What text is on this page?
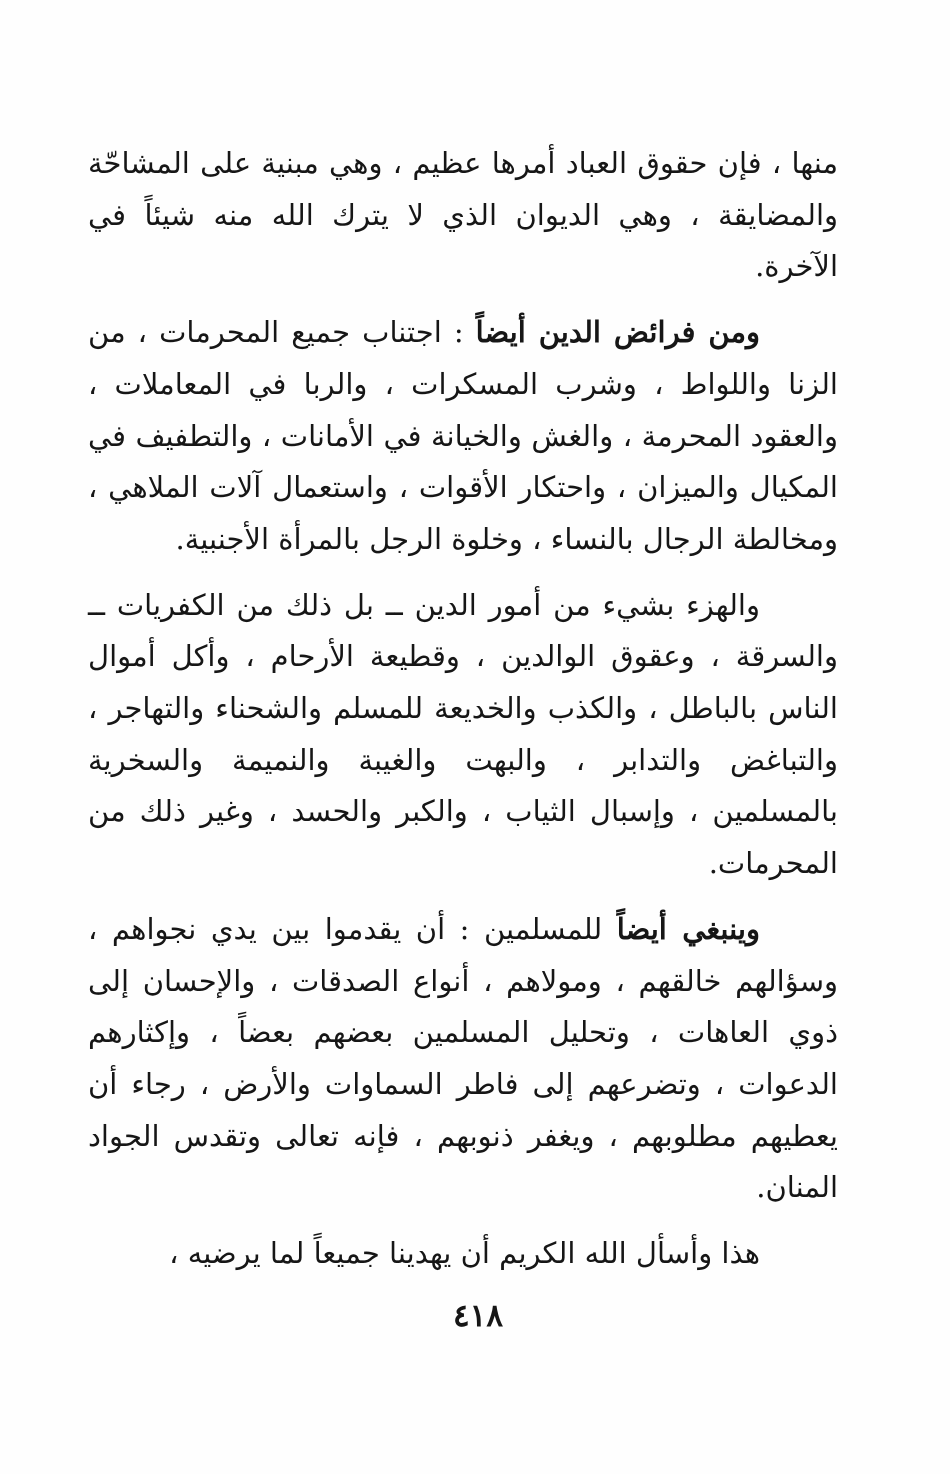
منها ، فإن حقوق العباد أمرها عظيم ، وهي مبنية على المشاحّة والمضايقة ، وهي الديوان الذي لا يترك الله منه شيئاً في الآخرة.

ومن فرائض الدين أيضاً : اجتناب جميع المحرمات ، من الزنا واللواط ، وشرب المسكرات ، والربا في المعاملات ، والعقود المحرمة ، والغش والخيانة في الأمانات ، والتطفيف في المكيال والميزان ، واحتكار الأقوات ، واستعمال آلات الملاهي ، ومخالطة الرجال بالنساء ، وخلوة الرجل بالمرأة الأجنبية.

والهزء بشيء من أمور الدين ــ بل ذلك من الكفريات ــ والسرقة ، وعقوق الوالدين ، وقطيعة الأرحام ، وأكل أموال الناس بالباطل ، والكذب والخديعة للمسلم والشحناء والتهاجر ، والتباغض والتدابر ، والبهت والغيبة والنميمة والسخرية بالمسلمين ، وإسبال الثياب ، والكبر والحسد ، وغير ذلك من المحرمات.

وينبغي أيضاً للمسلمين : أن يقدموا بين يدي نجواهم ، وسؤالهم خالقهم ، ومولاهم ، أنواع الصدقات ، والإحسان إلى ذوي العاهات ، وتحليل المسلمين بعضهم بعضاً ، وإكثارهم الدعوات ، وتضرعهم إلى فاطر السماوات والأرض ، رجاء أن يعطيهم مطلوبهم ، ويغفر ذنوبهم ، فإنه تعالى وتقدس الجواد المنان.

هذا وأسأل الله الكريم أن يهدينا جميعاً لما يرضيه ،

٤١٨
